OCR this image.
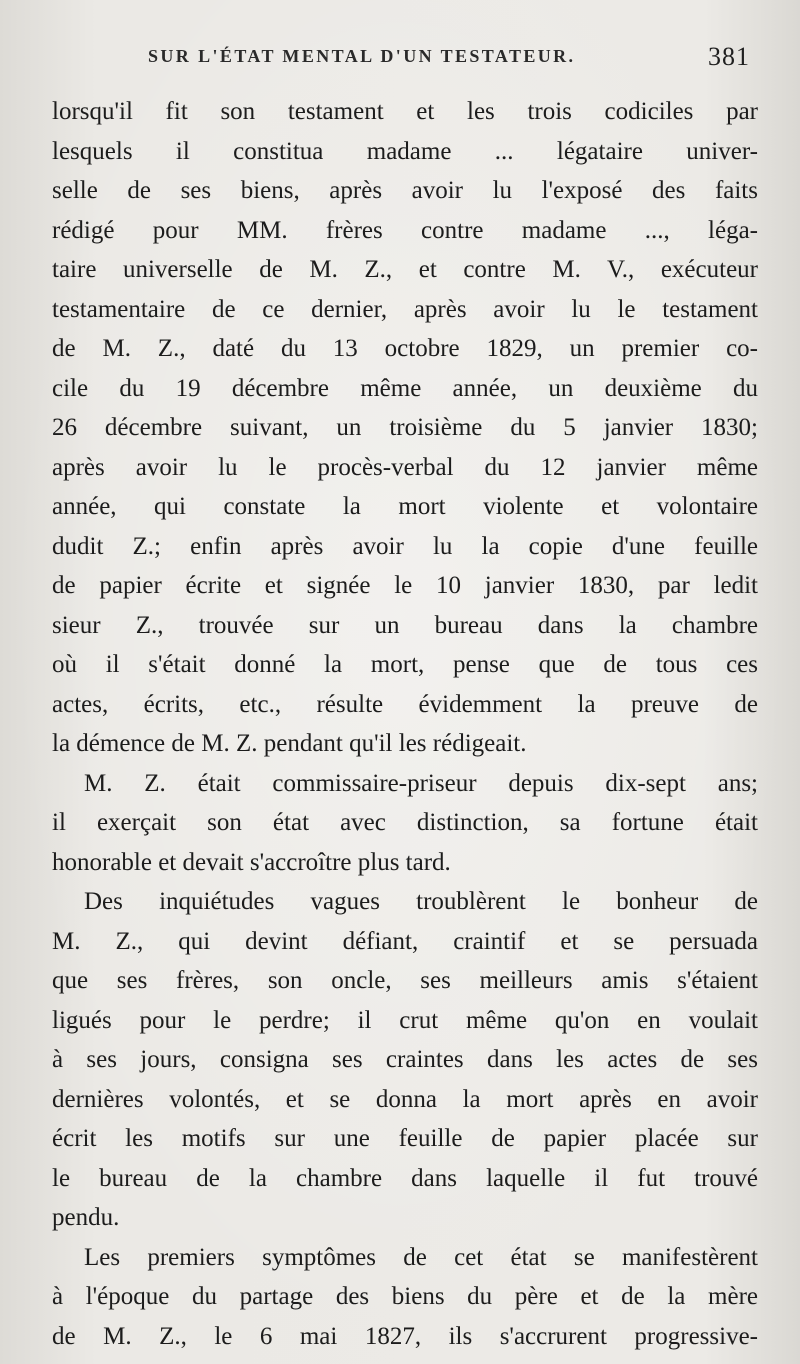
SUR L'ÉTAT MENTAL D'UN TESTATEUR.	381
lorsqu'il fit son testament et les trois codiciles par
lesquels il constitua madame ... légataire univer-
selle de ses biens, après avoir lu l'exposé des faits
rédigé pour MM. frères contre madame ..., léga-
taire universelle de M. Z., et contre M. V., exécuteur
testamentaire de ce dernier, après avoir lu le testament
de M. Z., daté du 13 octobre 1829, un premier co-
cile du 19 décembre même année, un deuxième du
26 décembre suivant, un troisième du 5 janvier 1830;
après avoir lu le procès-verbal du 12 janvier même
année, qui constate la mort violente et volontaire
dudit Z.; enfin après avoir lu la copie d'une feuille
de papier écrite et signée le 10 janvier 1830, par ledit
sieur Z., trouvée sur un bureau dans la chambre
où il s'était donné la mort, pense que de tous ces
actes, écrits, etc., résulte évidemment la preuve de
la démence de M. Z. pendant qu'il les rédigeait.
M. Z. était commissaire-priseur depuis dix-sept ans;
il exerçait son état avec distinction, sa fortune était
honorable et devait s'accroître plus tard.
Des inquiétudes vagues troublèrent le bonheur de
M. Z., qui devint défiant, craintif et se persuada
que ses frères, son oncle, ses meilleurs amis s'étaient
ligués pour le perdre; il crut même qu'on en voulait
à ses jours, consigna ses craintes dans les actes de ses
dernières volontés, et se donna la mort après en avoir
écrit les motifs sur une feuille de papier placée sur
le bureau de la chambre dans laquelle il fut trouvé
pendu.
Les premiers symptômes de cet état se manifestèrent
à l'époque du partage des biens du père et de la mère
de M. Z., le 6 mai 1827, ils s'accrurent progressive-
